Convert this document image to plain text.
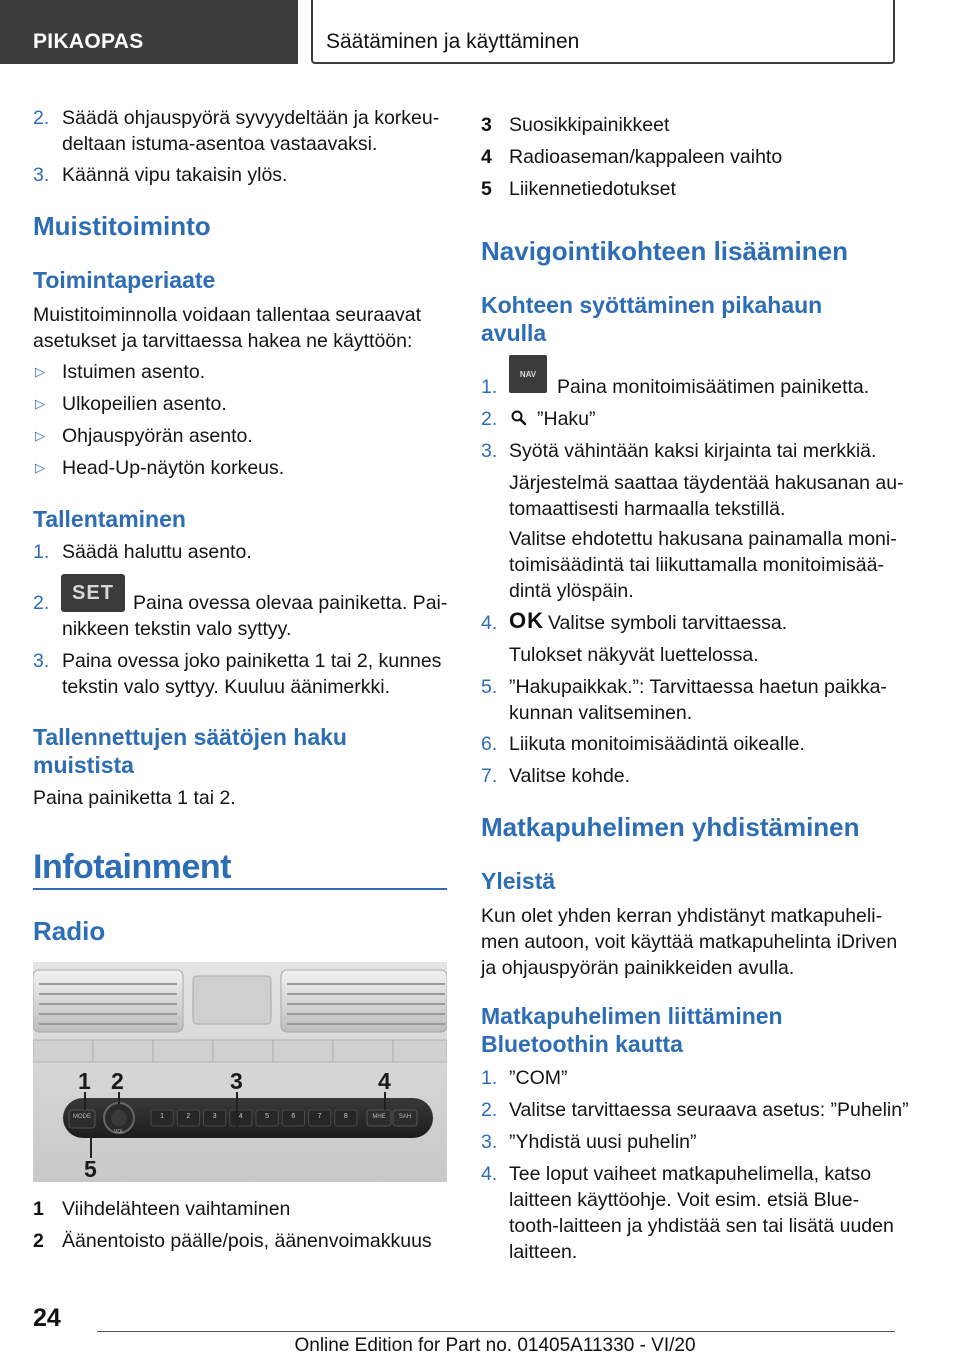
PIKAOPAS	Säätäminen ja käyttäminen
2. Säädä ohjauspyörä syvyydeltään ja korkeu-
deltaan istuma-asentoa vastaavaksi.
3. Käännä vipu takaisin ylös.
Muistitoiminto
Toimintaperiaate
Muistitoiminnolla voidaan tallentaa seuraavat
asetukset ja tarvittaessa hakea ne käyttöön:
▷ Istuimen asento.
▷ Ulkopeilien asento.
▷ Ohjauspyörän asento.
▷ Head-Up-näytön korkeus.
Tallentaminen
1. Säädä haluttu asento.
2.	SET Paina ovessa olevaa painiketta. Pai-
nikkeen tekstin valo syttyy.
3. Paina ovessa joko painiketta 1 tai 2, kunnes
tekstin valo syttyy. Kuuluu äänimerkki.
Tallennettujen säätöjen haku
muistista
Paina painiketta 1 tai 2.
Infotainment
Radio
1 2	3	4
5
MODE
VOL
MHE	SAH
1	2	3	4	5	6	7	8
1 Viihdelähteen vaihtaminen
2 Äänentoisto päälle/pois, äänenvoimakkuus
3 Suosikkipainikkeet
4 Radioaseman/kappaleen vaihto
5 Liikennetiedotukset
Navigointikohteen lisääminen
Kohteen syöttäminen pikahaun
avulla
1.
NAV
Paina monitoimisäätimen painiketta.
2. ”Haku”
3. Syötä vähintään kaksi kirjainta tai merkkiä.
Järjestelmä saattaa täydentää hakusanan au-
tomaattisesti harmaalla tekstillä.
Valitse ehdotettu hakusana painamalla moni-
toimisäädintä tai liikuttamalla monitoimisää-
dintä ylöspäin.
4. OK Valitse symboli tarvittaessa.
Tulokset näkyvät luettelossa.
5. ”Hakupaikkak.”: Tarvittaessa haetun paikka-
kunnan valitseminen.
6. Liikuta monitoimisäädintä oikealle.
7. Valitse kohde.
Matkapuhelimen yhdistäminen
Yleistä
Kun olet yhden kerran yhdistänyt matkapuheli-
men autoon, voit käyttää matkapuhelinta iDriven
ja ohjauspyörän painikkeiden avulla.
Matkapuhelimen liittäminen
Bluetoothin kautta
1. ”COM”
2. Valitse tarvittaessa seuraava asetus: ”Puhelin”
3. ”Yhdistä uusi puhelin”
4. Tee loput vaiheet matkapuhelimella, katso
laitteen käyttöohje. Voit esim. etsiä Blue-
tooth-laitteen ja yhdistää sen tai lisätä uuden
laitteen.
24
Online Edition for Part no. 01405A11330 - VI/20
